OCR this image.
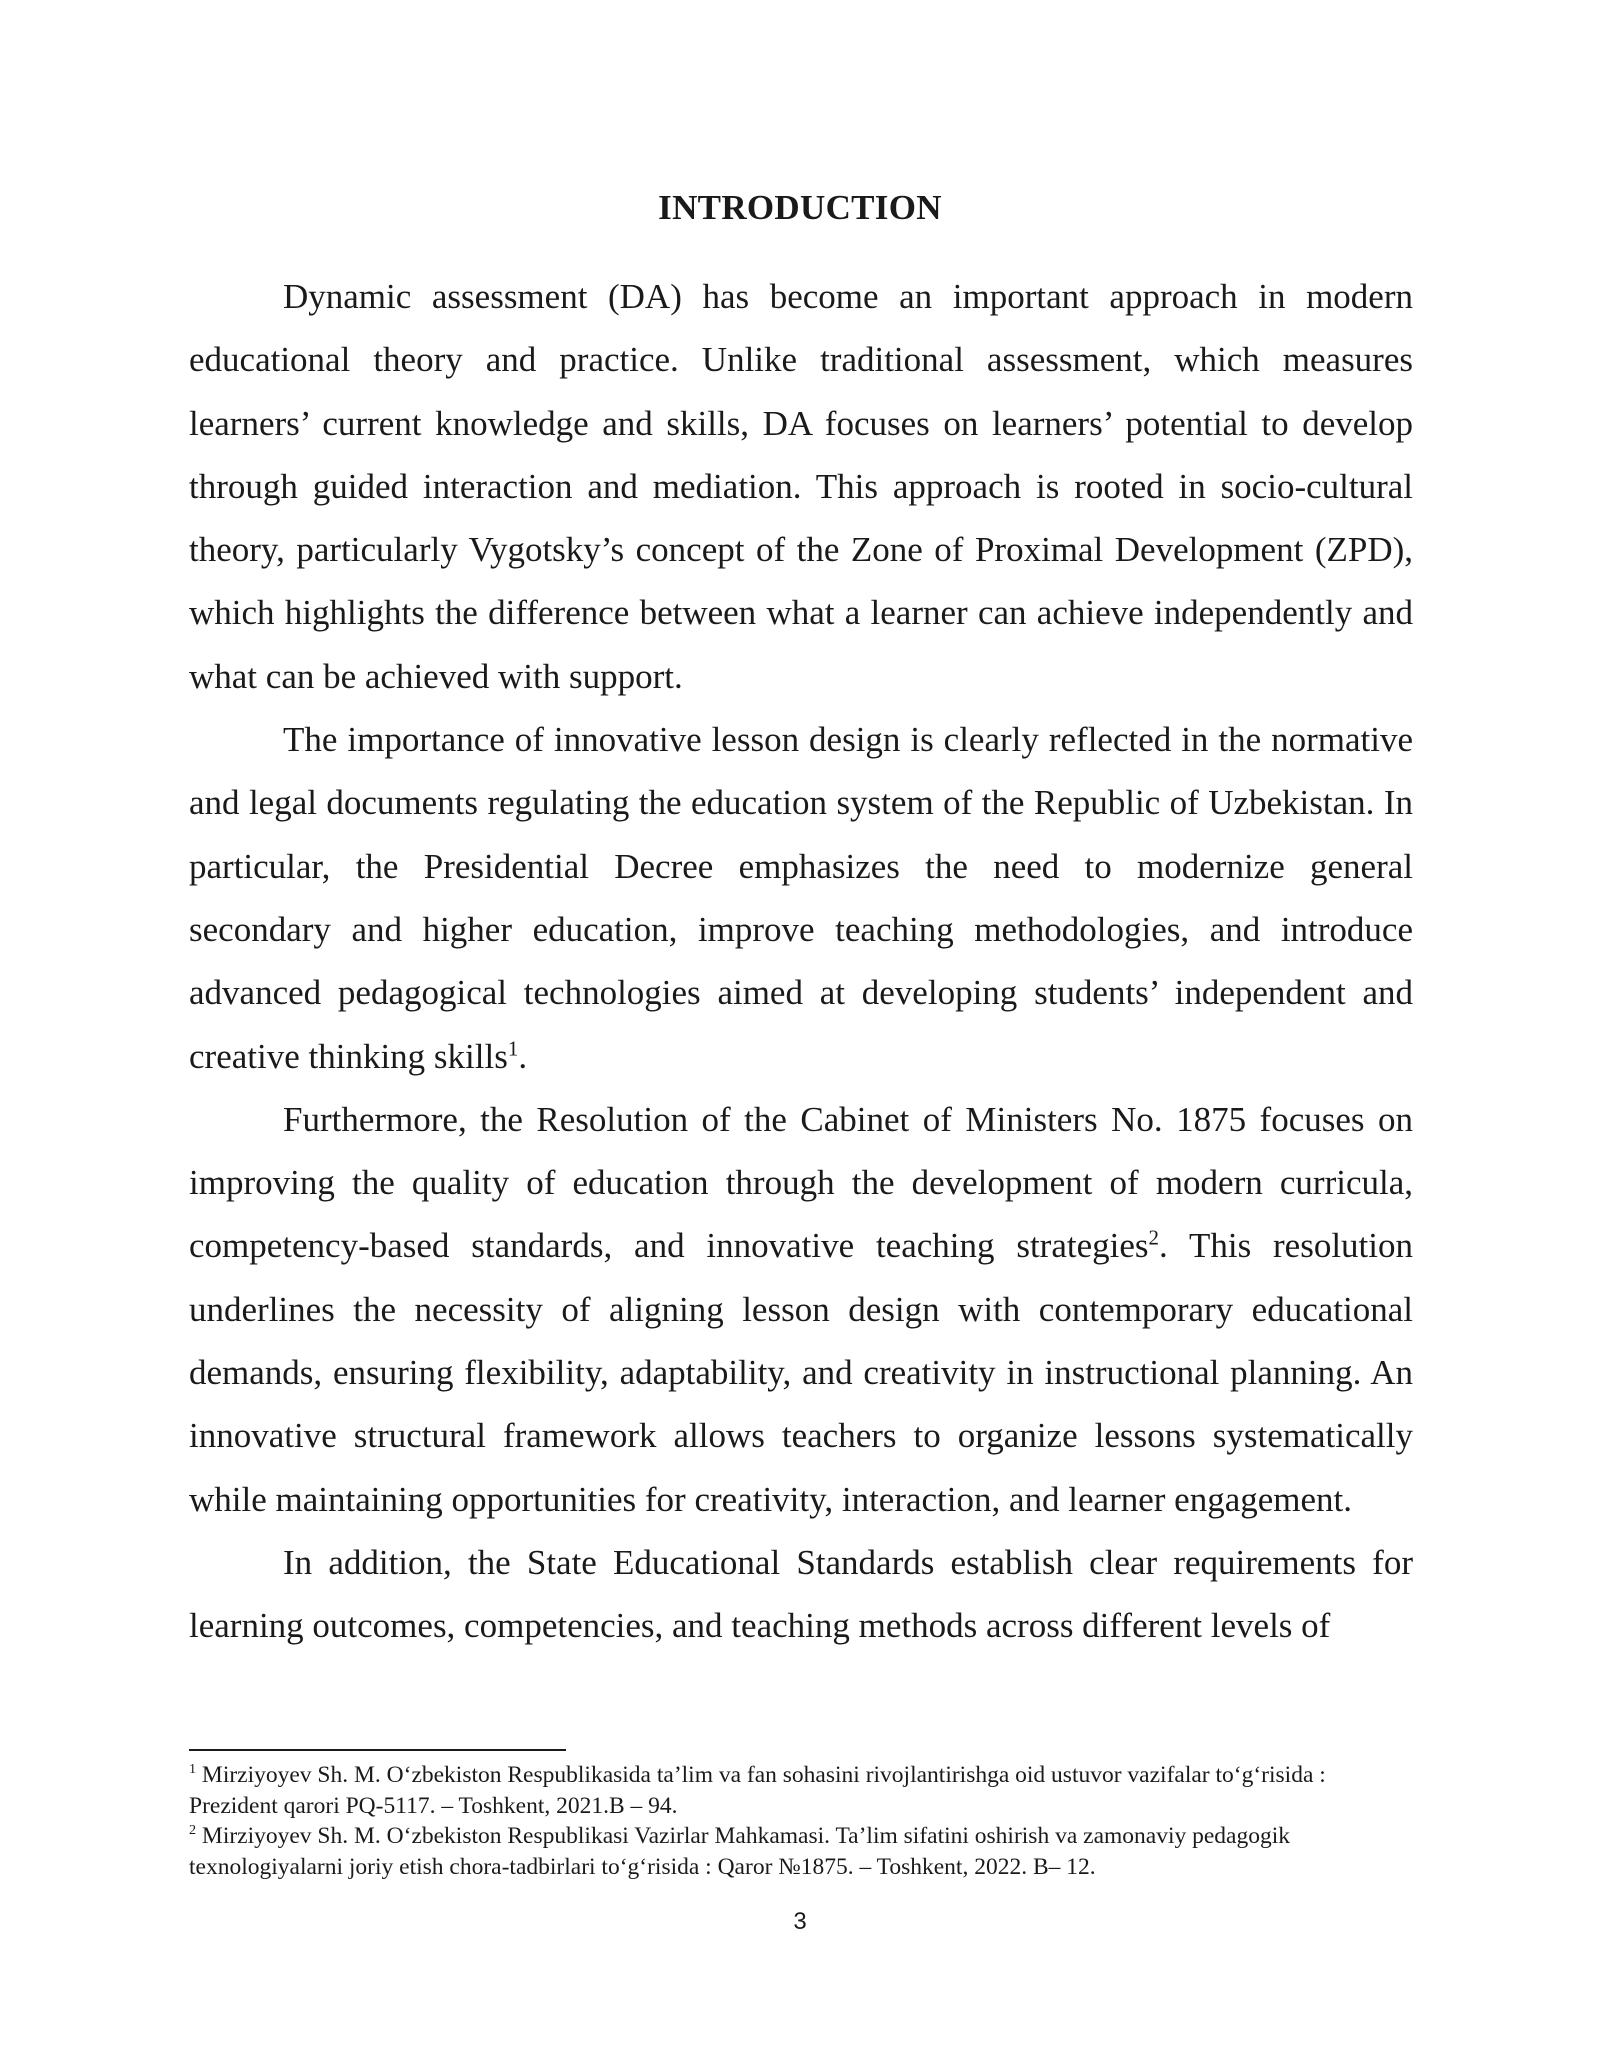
INTRODUCTION

Dynamic assessment (DA) has become an important approach in modern educational theory and practice. Unlike traditional assessment, which measures learners’ current knowledge and skills, DA focuses on learners’ potential to develop through guided interaction and mediation. This approach is rooted in socio-cultural theory, particularly Vygotsky’s concept of the Zone of Proximal Development (ZPD), which highlights the difference between what a learner can achieve independently and what can be achieved with support.

The importance of innovative lesson design is clearly reflected in the normative and legal documents regulating the education system of the Republic of Uzbekistan. In particular, the Presidential Decree emphasizes the need to modernize general secondary and higher education, improve teaching methodologies, and introduce advanced pedagogical technologies aimed at developing students’ independent and creative thinking skills$^1$.

Furthermore, the Resolution of the Cabinet of Ministers No. 1875 focuses on improving the quality of education through the development of modern curricula, competency-based standards, and innovative teaching strategies$^2$. This resolution underlines the necessity of aligning lesson design with contemporary educational demands, ensuring flexibility, adaptability, and creativity in instructional planning. An innovative structural framework allows teachers to organize lessons systematically while maintaining opportunities for creativity, interaction, and learner engagement.

In addition, the State Educational Standards establish clear requirements for learning outcomes, competencies, and teaching methods across different levels of

$^1$ Mirziyoyev Sh. M. O‘zbekiston Respublikasida ta’lim va fan sohasini rivojlantirishga oid ustuvor vazifalar to‘g‘risida : Prezident qarori PQ-5117. – Toshkent, 2021.B – 94.

$^2$ Mirziyoyev Sh. M. O‘zbekiston Respublikasi Vazirlar Mahkamasi. Ta’lim sifatini oshirish va zamonaviy pedagogik texnologiyalarni joriy etish chora-tadbirlari to‘g‘risida : Qaror №1875. – Toshkent, 2022. B– 12.

3
